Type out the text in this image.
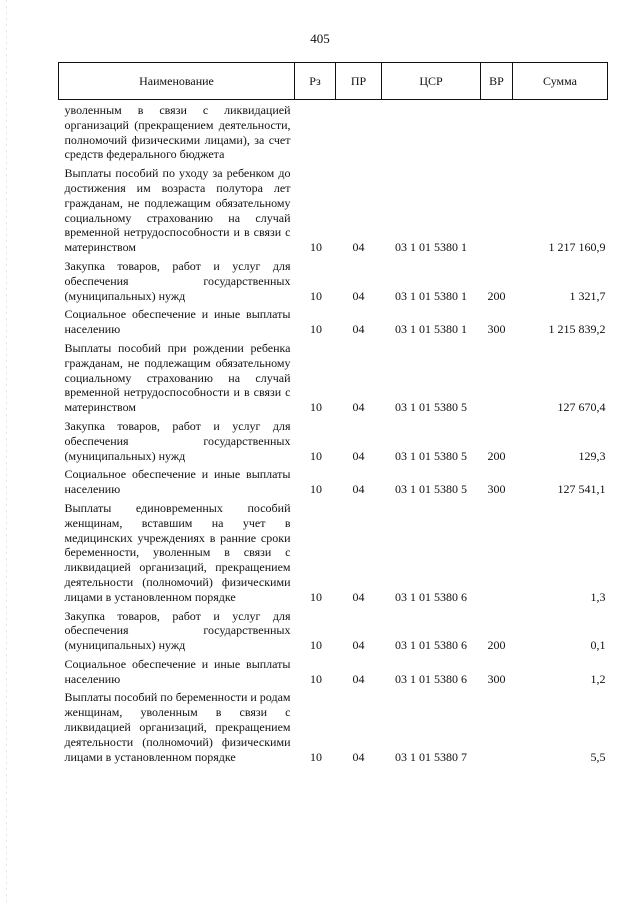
405
Наименование	Рз	ПР	ЦСР	ВР	Сумма
уволенным в связи с ликвидацией организаций (прекращением деятельности, полномочий физическими лицами), за счет средств федерального бюджета					
Выплаты пособий по уходу за ребенком до достижения им возраста полутора лет гражданам, не подлежащим обязательному социальному страхованию на случай временной нетрудоспособности и в связи с материнством	10	04	03 1 01 5380 1		1 217 160,9
Закупка товаров, работ и услуг для обеспечения государственных (муниципальных) нужд	10	04	03 1 01 5380 1	200	1 321,7
Социальное обеспечение и иные выплаты населению	10	04	03 1 01 5380 1	300	1 215 839,2
Выплаты пособий при рождении ребенка гражданам, не подлежащим обязательному социальному страхованию на случай временной нетрудоспособности и в связи с материнством	10	04	03 1 01 5380 5		127 670,4
Закупка товаров, работ и услуг для обеспечения государственных (муниципальных) нужд	10	04	03 1 01 5380 5	200	129,3
Социальное обеспечение и иные выплаты населению	10	04	03 1 01 5380 5	300	127 541,1
Выплаты единовременных пособий женщинам, вставшим на учет в медицинских учреждениях в ранние сроки беременности, уволенным в связи с ликвидацией организаций, прекращением деятельности (полномочий) физическими лицами в установленном порядке	10	04	03 1 01 5380 6		1,3
Закупка товаров, работ и услуг для обеспечения государственных (муниципальных) нужд	10	04	03 1 01 5380 6	200	0,1
Социальное обеспечение и иные выплаты населению	10	04	03 1 01 5380 6	300	1,2
Выплаты пособий по беременности и родам женщинам, уволенным в связи с ликвидацией организаций, прекращением деятельности (полномочий) физическими лицами в установленном порядке	10	04	03 1 01 5380 7		5,5
